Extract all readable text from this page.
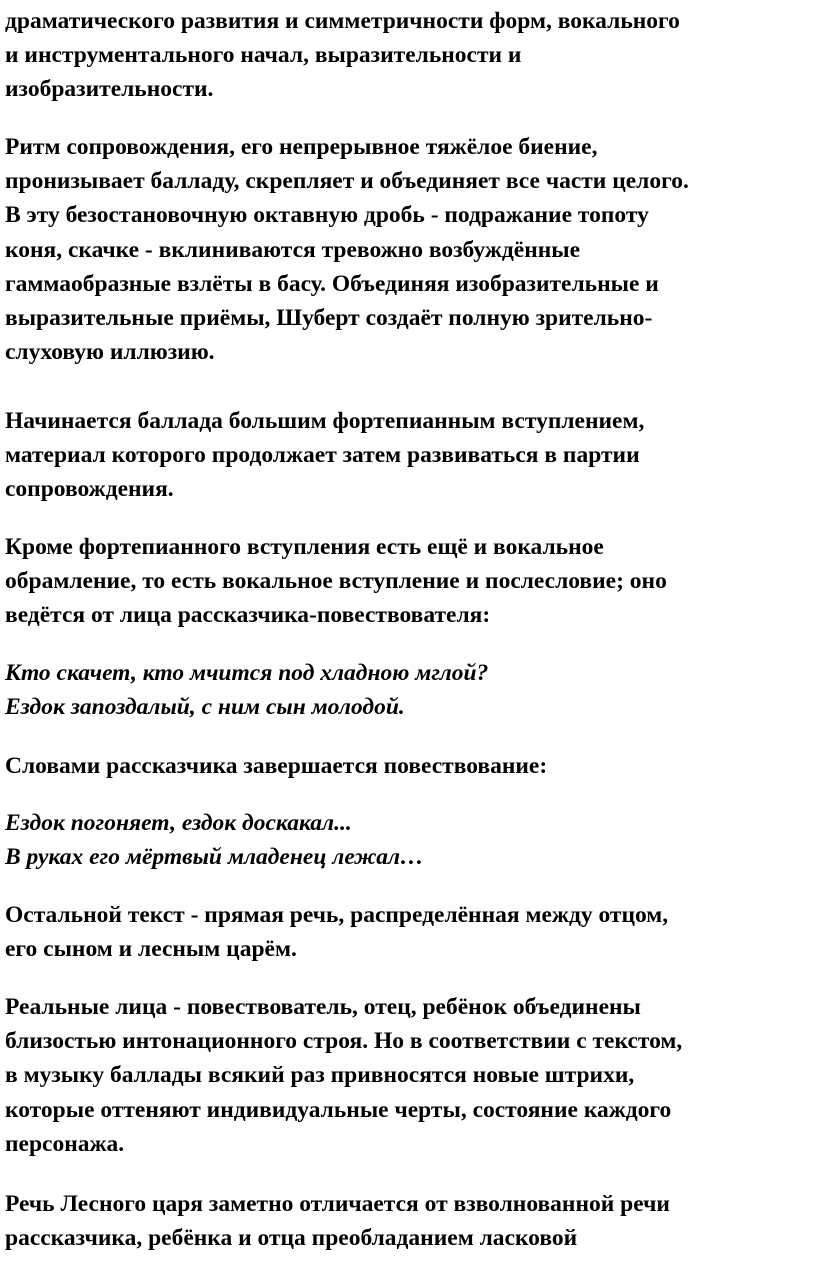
драматического развития и симметричности форм, вокального
и инструментального начал, выразительности и
изобразительности.
Ритм сопровождения, его непрерывное тяжёлое биение,
пронизывает балладу, скрепляет и объединяет все части целого.
В эту безостановочную октавную дробь - подражание топоту
коня, скачке - вклиниваются тревожно возбуждённые
гаммаобразные взлёты в басу. Объединяя изобразительные и
выразительные приёмы, Шуберт создаёт полную зрительно-
слуховую иллюзию.
Начинается баллада большим фортепианным вступлением,
материал которого продолжает затем развиваться в партии
сопровождения.
Кроме фортепианного вступления есть ещё и вокальное
обрамление, то есть вокальное вступление и послесловие; оно
ведётся от лица рассказчика-повествователя:
Кто скачет, кто мчится под хладною мглой?
Ездок запоздалый, с ним сын молодой.
Словами рассказчика завершается повествование:
Ездок погоняет, ездок доскакал...
В руках его мёртвый младенец лежал…
Остальной текст - прямая речь, распределённая между отцом,
его сыном и лесным царём.
Реальные лица - повествователь, отец, ребёнок объединены
близостью интонационного строя. Но в соответствии с текстом,
в музыку баллады всякий раз привносятся новые штрихи,
которые оттеняют индивидуальные черты, состояние каждого
персонажа.
Речь Лесного царя заметно отличается от взволнованной речи
рассказчика, ребёнка и отца преобладанием ласковой
